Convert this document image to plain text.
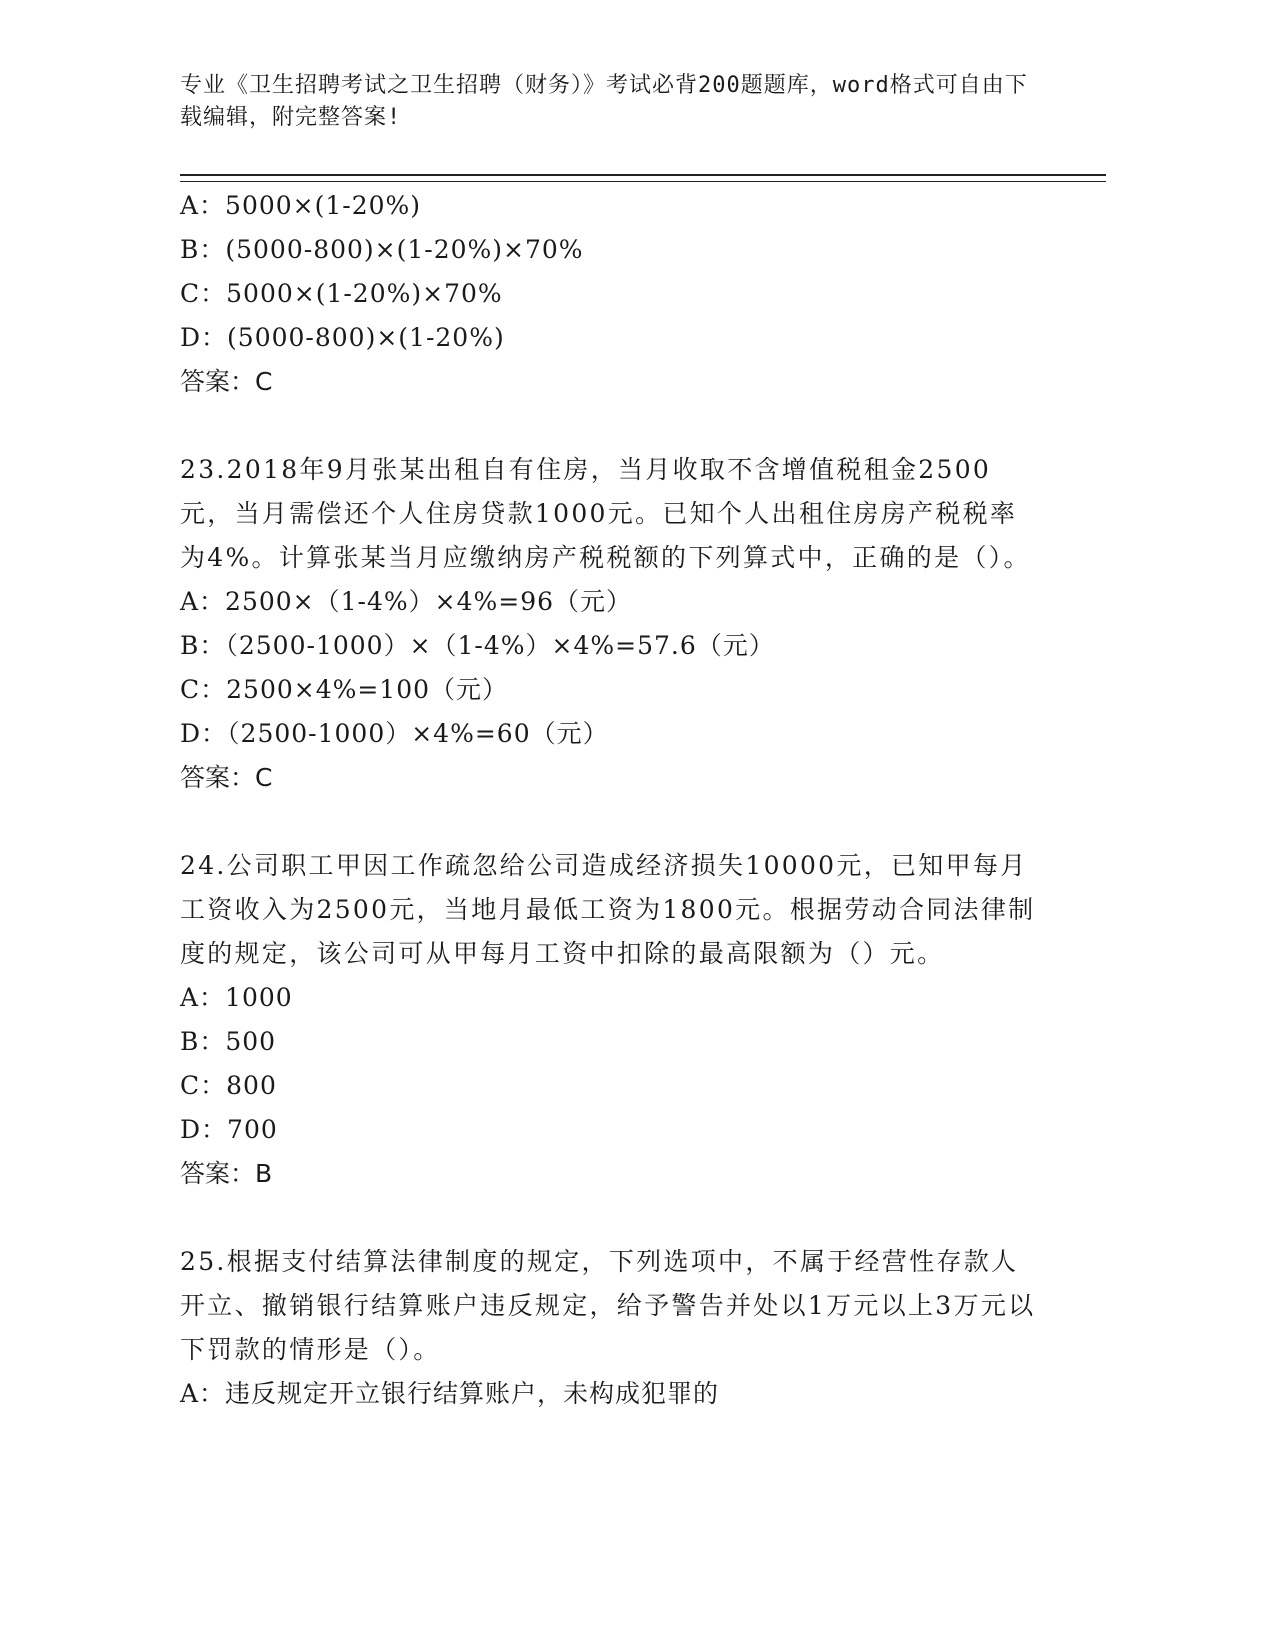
专业《卫生招聘考试之卫生招聘（财务）》考试必背200题题库，word格式可自由下载编辑，附完整答案!
A：5000×(1-20%)
B：(5000-800)×(1-20%)×70%
C：5000×(1-20%)×70%
D：(5000-800)×(1-20%)
答案：C
23.2018年9月张某出租自有住房，当月收取不含增值税租金2500元，当月需偿还个人住房贷款1000元。已知个人出租住房房产税税率为4%。计算张某当月应缴纳房产税税额的下列算式中，正确的是（）。
A：2500×（1-4%）×4%=96（元）
B：（2500-1000）×（1-4%）×4%=57.6（元）
C：2500×4%=100（元）
D：（2500-1000）×4%=60（元）
答案：C
24.公司职工甲因工作疏忽给公司造成经济损失10000元，已知甲每月工资收入为2500元，当地月最低工资为1800元。根据劳动合同法律制度的规定，该公司可从甲每月工资中扣除的最高限额为（）元。
A：1000
B：500
C：800
D：700
答案：B
25.根据支付结算法律制度的规定，下列选项中，不属于经营性存款人开立、撤销银行结算账户违反规定，给予警告并处以1万元以上3万元以下罚款的情形是（）。
A：违反规定开立银行结算账户，未构成犯罪的
